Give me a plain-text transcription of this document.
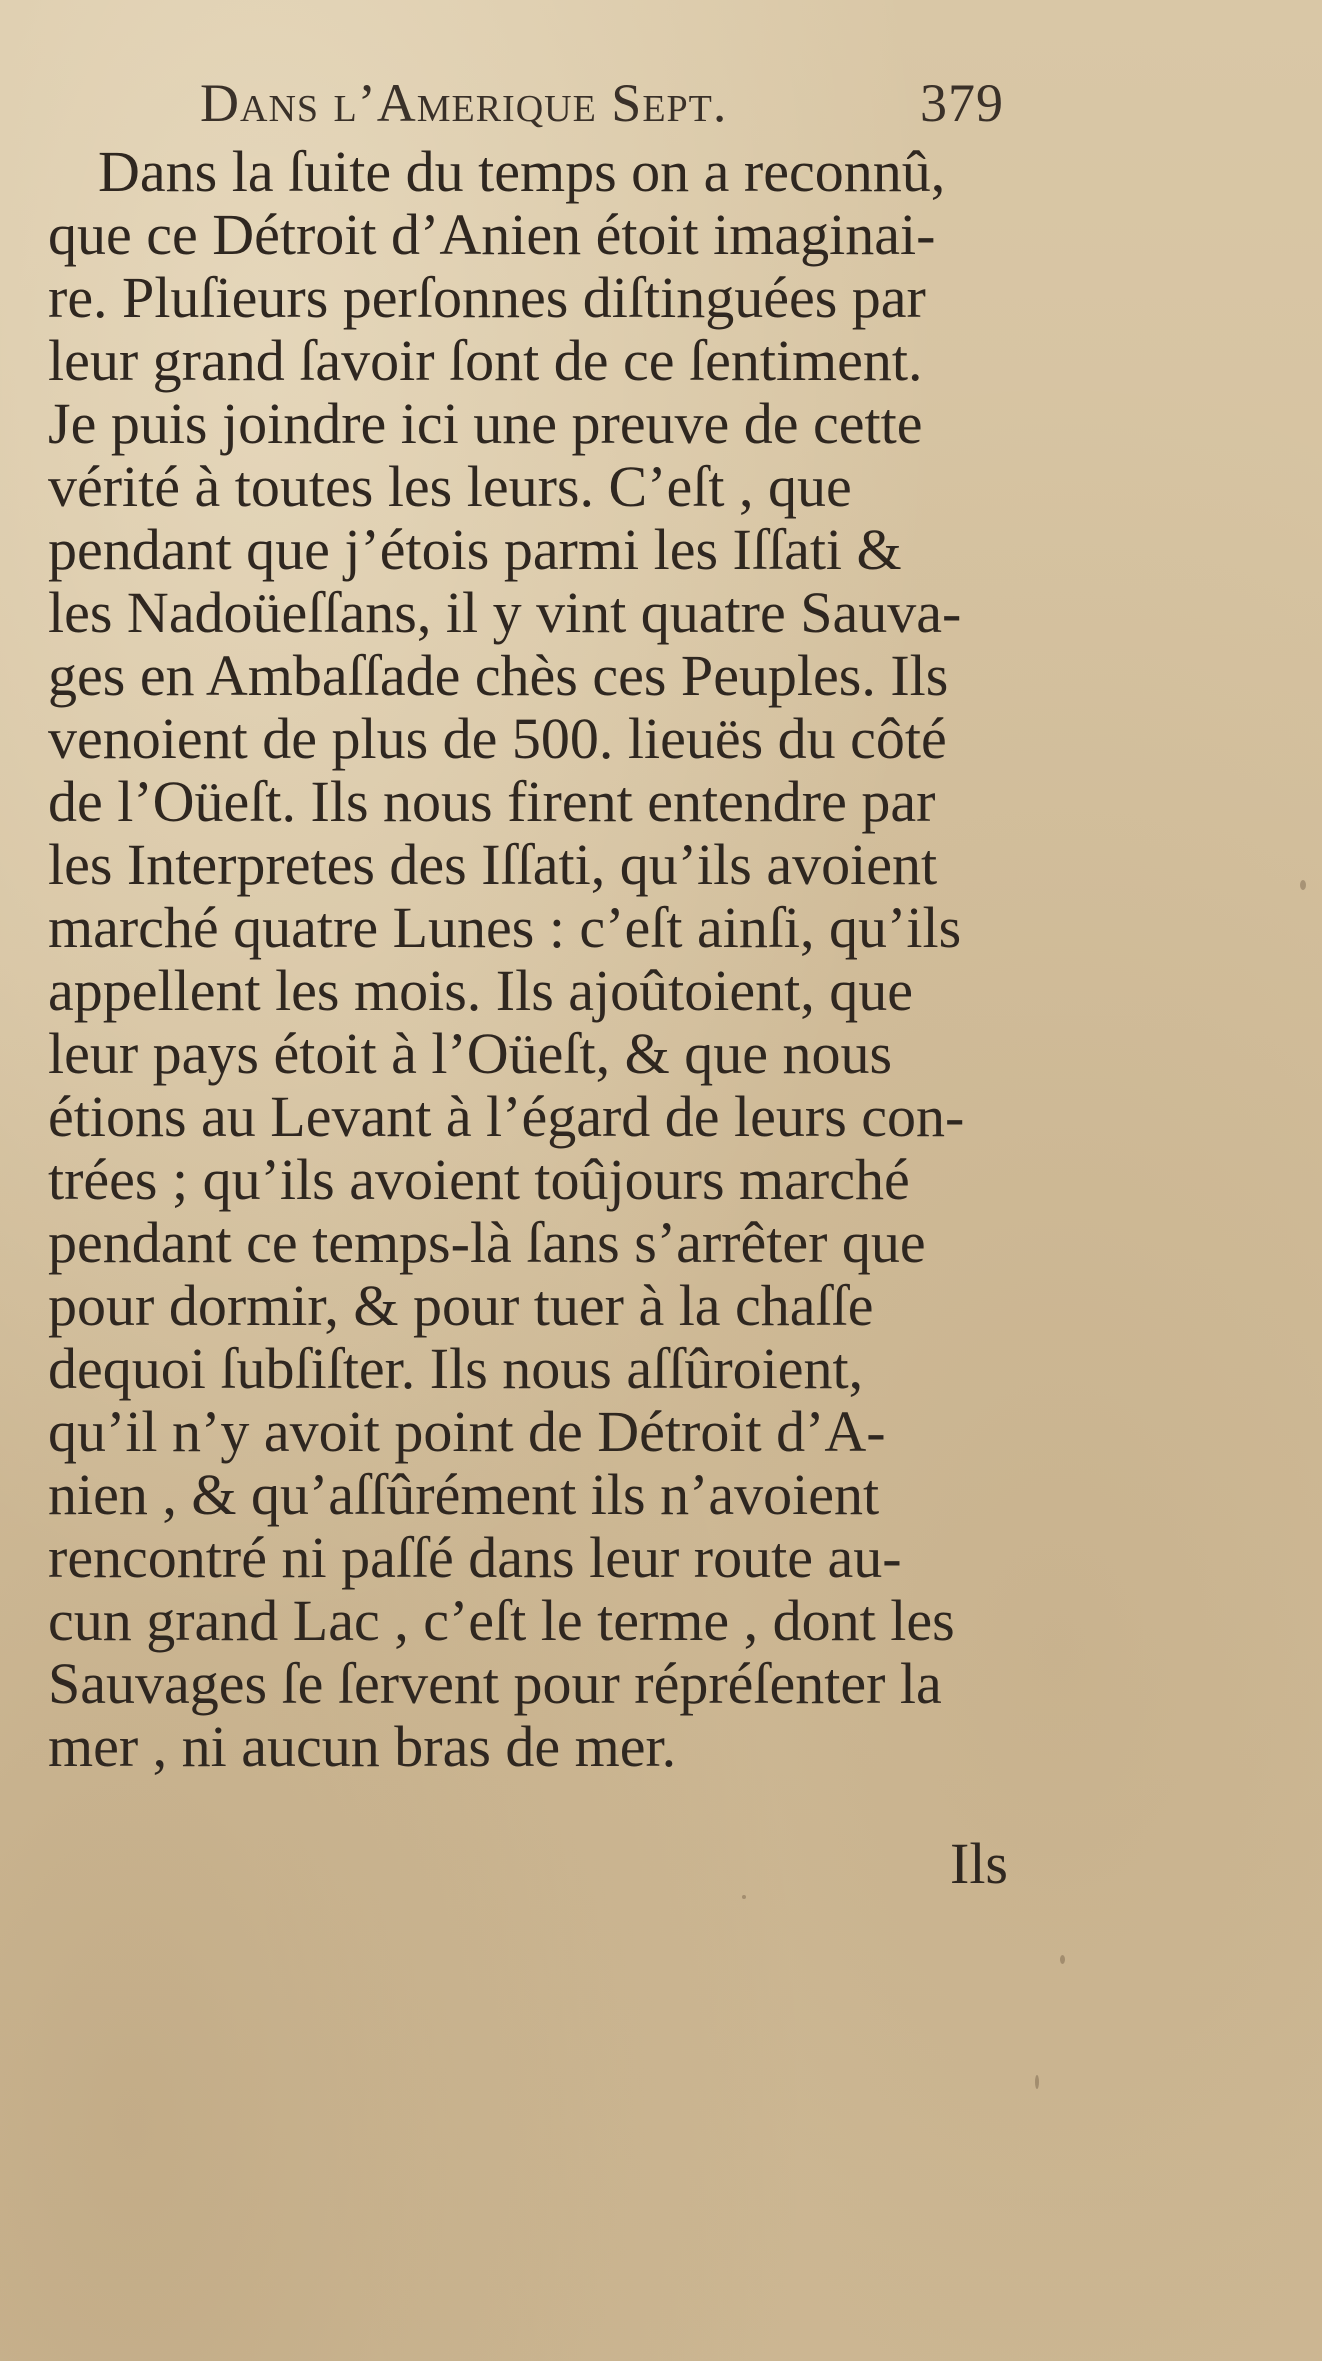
Dans l’Amerique Sept.	379
Dans la ſuite du temps on a reconnû,
que ce Détroit d’Anien étoit imaginai-
re. Pluſieurs perſonnes diſtinguées par
leur grand ſavoir ſont de ce ſentiment.
Je puis joindre ici une preuve de cette
vérité à toutes les leurs. C’eſt , que
pendant que j’étois parmi les Iſſati &
les Nadoüeſſans, il y vint quatre Sauva-
ges en Ambaſſade chès ces Peuples. Ils
venoient de plus de 500. lieuës du côté
de l’Oüeſt. Ils nous firent entendre par
les Interpretes des Iſſati, qu’ils avoient
marché quatre Lunes : c’eſt ainſi, qu’ils
appellent les mois. Ils ajoûtoient, que
leur pays étoit à l’Oüeſt, & que nous
étions au Levant à l’égard de leurs con-
trées ; qu’ils avoient toûjours marché
pendant ce temps-là ſans s’arrêter que
pour dormir, & pour tuer à la chaſſe
dequoi ſubſiſter. Ils nous aſſûroient,
qu’il n’y avoit point de Détroit d’A-
nien , & qu’aſſûrément ils n’avoient
rencontré ni paſſé dans leur route au-
cun grand Lac , c’eſt le terme , dont les
Sauvages ſe ſervent pour répréſenter la
mer , ni aucun bras de mer.
Ils
